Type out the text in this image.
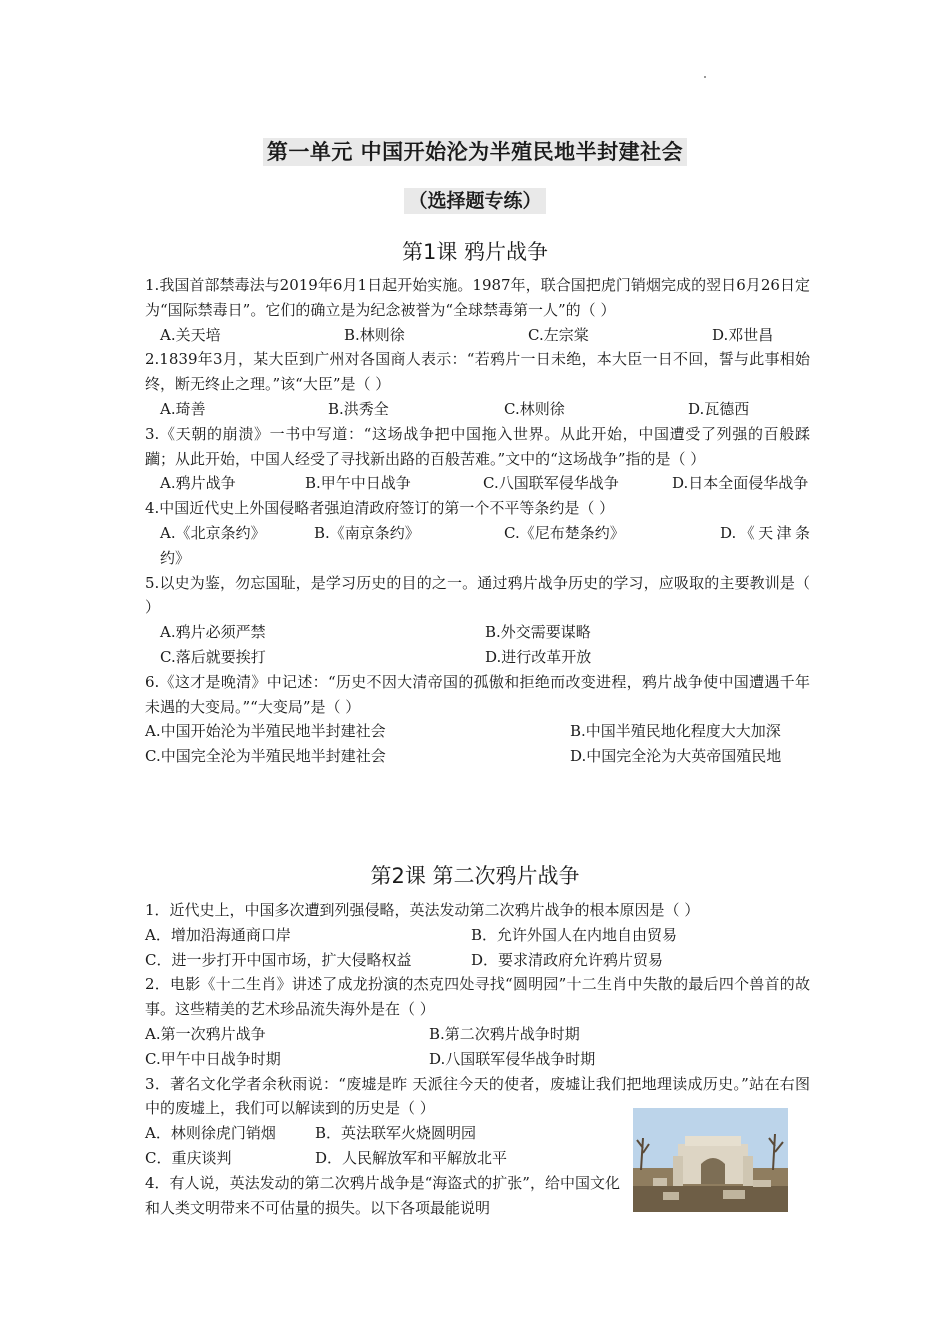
第一单元 中国开始沦为半殖民地半封建社会
（选择题专练）
第1课 鸦片战争

1.我国首部禁毒法与2019年6月1日起开始实施。1987年，联合国把虎门销烟完成的翌日6月26日定为“国际禁毒日”。它们的确立是为纪念被誉为“全球禁毒第一人”的（ ）

A.关天培	B.林则徐	C.左宗棠	D.邓世昌

2.1839年3月，某大臣到广州对各国商人表示：“若鸦片一日未绝，本大臣一日不回，誓与此事相始终，断无终止之理。”该“大臣”是（ ）

A.琦善	B.洪秀全	C.林则徐	D.瓦德西

3.《天朝的崩溃》一书中写道：“这场战争把中国拖入世界。从此开始，中国遭受了列强的百般蹂躏；从此开始，中国人经受了寻找新出路的百般苦难。”文中的“这场战争”指的是（ ）

A.鸦片战争	B.甲午中日战争	C.八国联军侵华战争	D.日本全面侵华战争

4.中国近代史上外国侵略者强迫清政府签订的第一个不平等条约是（ ）

A.《北京条约》	B.《南京条约》	C.《尼布楚条约》	D.《天津条约》

5.以史为鉴，勿忘国耻，是学习历史的目的之一。通过鸦片战争历史的学习，应吸取的主要教训是（ ）

A.鸦片必须严禁	B.外交需要谋略
C.落后就要挨打	D.进行改革开放

6.《这才是晚清》中记述：“历史不因大清帝国的孤傲和拒绝而改变进程，鸦片战争使中国遭遇千年未遇的大变局。”“大变局”是（ ）

A.中国开始沦为半殖民地半封建社会	B.中国半殖民地化程度大大加深
C.中国完全沦为半殖民地半封建社会	D.中国完全沦为大英帝国殖民地
第2课 第二次鸦片战争

1．近代史上，中国多次遭到列强侵略，英法发动第二次鸦片战争的根本原因是（ ）

A．增加沿海通商口岸	B．允许外国人在内地自由贸易
C．进一步打开中国市场，扩大侵略权益	D．要求清政府允许鸦片贸易

2．电影《十二生肖》讲述了成龙扮演的杰克四处寻找“圆明园”十二生肖中失散的最后四个兽首的故事。这些精美的艺术珍品流失海外是在（ ）

A.第一次鸦片战争	B.第二次鸦片战争时期
C.甲午中日战争时期	D.八国联军侵华战争时期

3．著名文化学者余秋雨说：“废墟是昨 天派往今天的使者，废墟让我们把地理读成历史。”站在右图中的废墟上，我们可以解读到的历史是（ ）

A．林则徐虎门销烟	B．英法联军火烧圆明园
C．重庆谈判	D．人民解放军和平解放北平

4．有人说，英法发动的第二次鸦片战争是“海盗式的扩张”，给中国文化和人类文明带来不可估量的损失。以下各项最能说明
